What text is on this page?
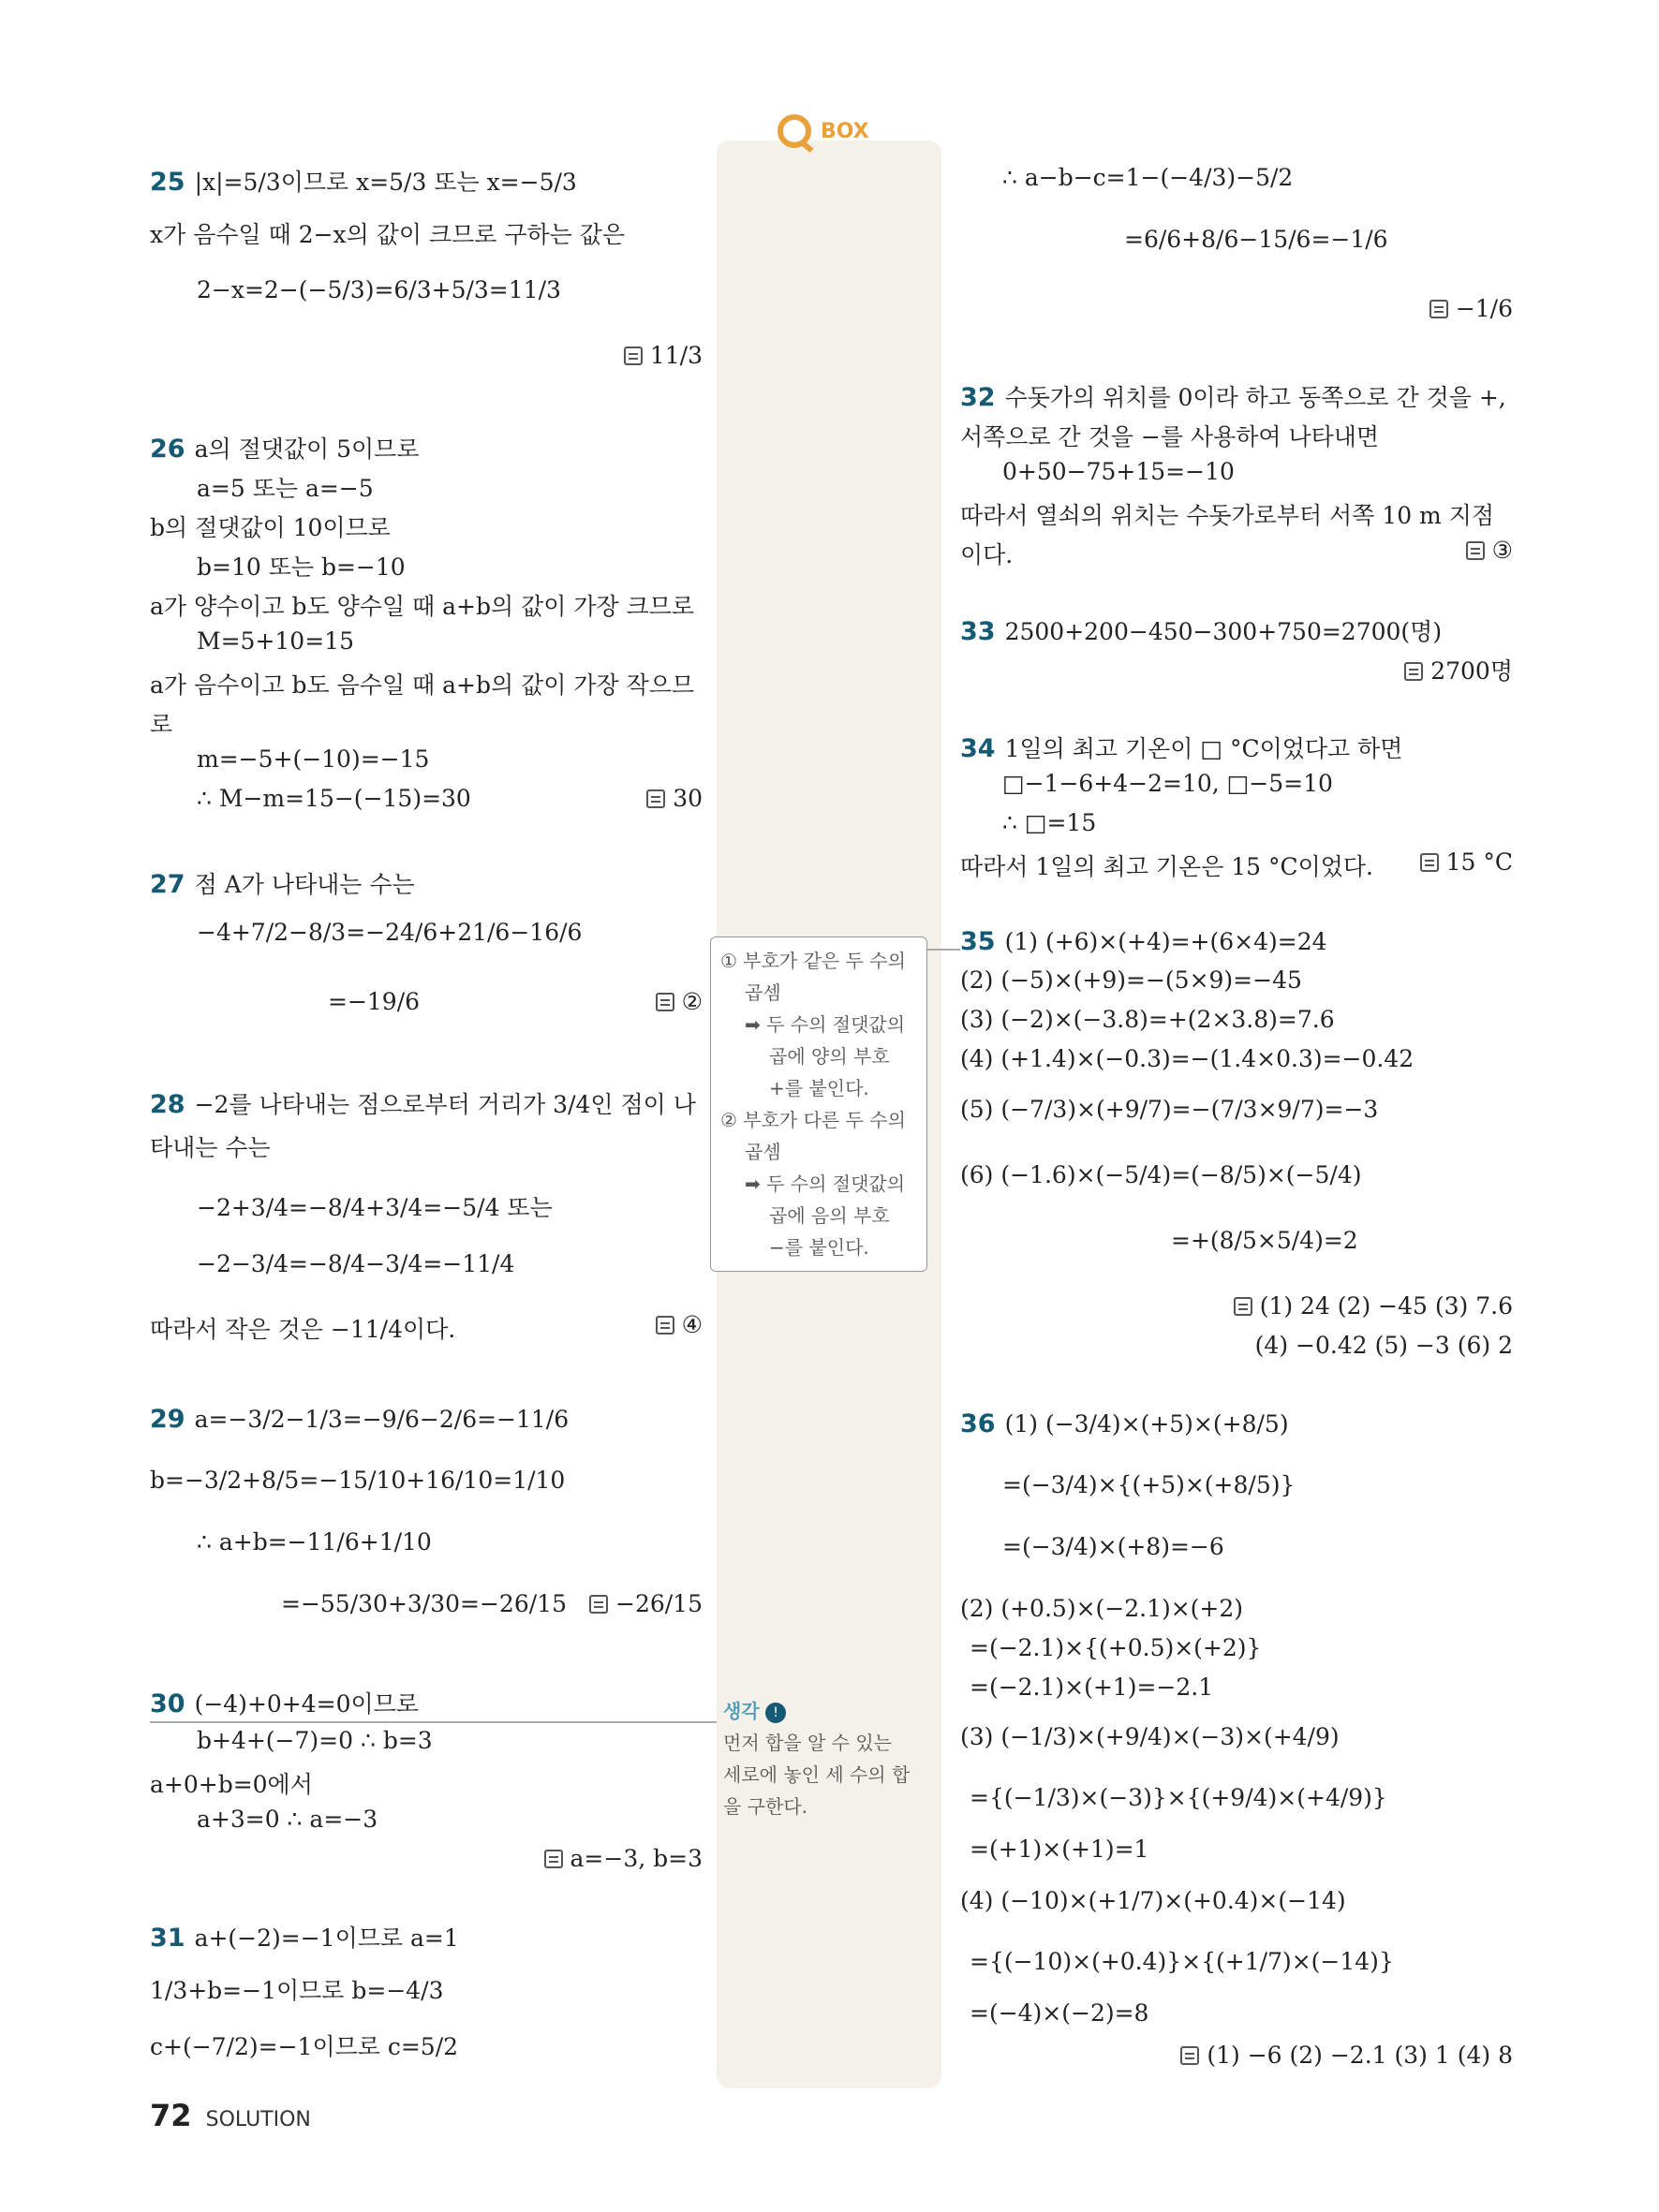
BOX
25 |x|=5/3이므로 x=5/3 또는 x=−5/3
x가 음수일 때 2−x의 값이 크므로 구하는 값은
2−x=2−(−5/3)=6/3+5/3=11/3
11/3
26 a의 절댓값이 5이므로
a=5 또는 a=−5
b의 절댓값이 10이므로
b=10 또는 b=−10
a가 양수이고 b도 양수일 때 a+b의 값이 가장 크므로
M=5+10=15
a가 음수이고 b도 음수일 때 a+b의 값이 가장 작으므
로
m=−5+(−10)=−15
∴ M−m=15−(−15)=30	30
27 점 A가 나타내는 수는
−4+7/2−8/3=−24/6+21/6−16/6
=−19/6	②
28 −2를 나타내는 점으로부터 거리가 3/4인 점이 나
타내는 수는
−2+3/4=−8/4+3/4=−5/4 또는
−2−3/4=−8/4−3/4=−11/4
따라서 작은 것은 −11/4이다.	④
29 a=−3/2−1/3=−9/6−2/6=−11/6
b=−3/2+8/5=−15/10+16/10=1/10
∴ a+b=−11/6+1/10
=−55/30+3/30=−26/15	−26/15
30 (−4)+0+4=0이므로
b+4+(−7)=0 ∴ b=3
a+0+b=0에서
a+3=0 ∴ a=−3
a=−3, b=3
31 a+(−2)=−1이므로 a=1
1/3+b=−1이므로 b=−4/3
c+(−7/2)=−1이므로 c=5/2
① 부호가 같은 두 수의
곱셈
➡ 두 수의 절댓값의
곱에 양의 부호
+를 붙인다.
② 부호가 다른 두 수의
곱셈
➡ 두 수의 절댓값의
곱에 음의 부호
−를 붙인다.
생각 !
먼저 합을 알 수 있는
세로에 놓인 세 수의 합
을 구한다.
∴ a−b−c=1−(−4/3)−5/2
=6/6+8/6−15/6=−1/6
−1/6
32 수돗가의 위치를 0이라 하고 동쪽으로 간 것을 +,
서쪽으로 간 것을 −를 사용하여 나타내면
0+50−75+15=−10
따라서 열쇠의 위치는 수돗가로부터 서쪽 10 m 지점
이다.	③
33 2500+200−450−300+750=2700(명)
2700명
34 1일의 최고 기온이 □ °C이었다고 하면
□−1−6+4−2=10, □−5=10
∴ □=15
따라서 1일의 최고 기온은 15 °C이었다.	15 °C
35 (1) (+6)×(+4)=+(6×4)=24
(2) (−5)×(+9)=−(5×9)=−45
(3) (−2)×(−3.8)=+(2×3.8)=7.6
(4) (+1.4)×(−0.3)=−(1.4×0.3)=−0.42
(5) (−7/3)×(+9/7)=−(7/3×9/7)=−3
(6) (−1.6)×(−5/4)=(−8/5)×(−5/4)
=+(8/5×5/4)=2
(1) 24 (2) −45 (3) 7.6
(4) −0.42 (5) −3 (6) 2
36 (1) (−3/4)×(+5)×(+8/5)
=(−3/4)×{(+5)×(+8/5)}
=(−3/4)×(+8)=−6
(2) (+0.5)×(−2.1)×(+2)
=(−2.1)×{(+0.5)×(+2)}
=(−2.1)×(+1)=−2.1
(3) (−1/3)×(+9/4)×(−3)×(+4/9)
={(−1/3)×(−3)}×{(+9/4)×(+4/9)}
=(+1)×(+1)=1
(4) (−10)×(+1/7)×(+0.4)×(−14)
={(−10)×(+0.4)}×{(+1/7)×(−14)}
=(−4)×(−2)=8
(1) −6 (2) −2.1 (3) 1 (4) 8
72 SOLUTION
